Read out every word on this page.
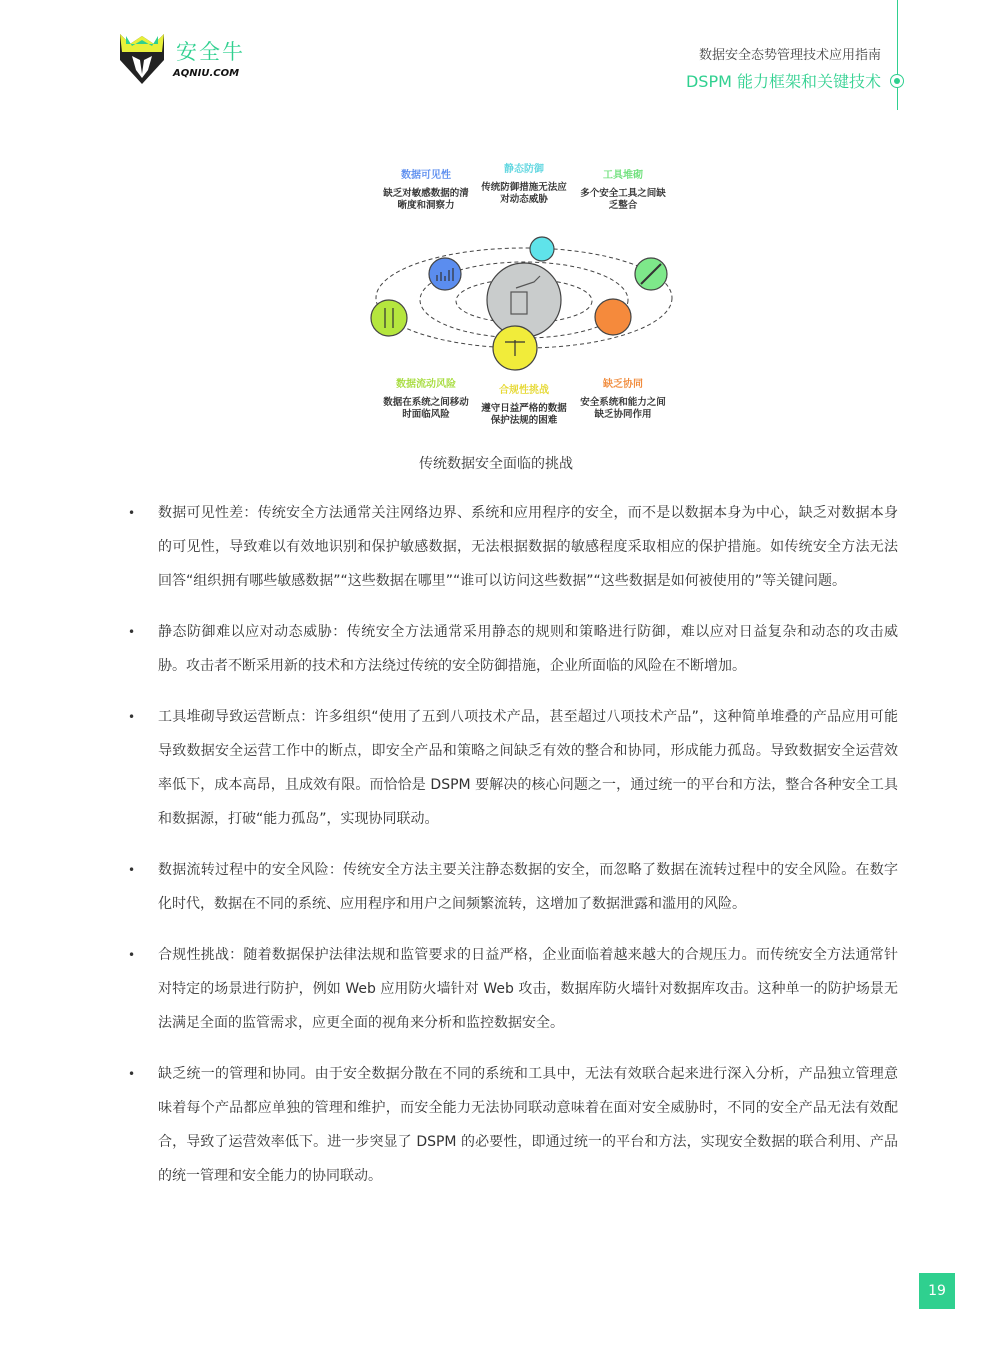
安全牛
AQNIU.COM
数据安全态势管理技术应用指南
DSPM 能力框架和关键技术
数据可见性
缺乏对敏感数据的清晰度和洞察力
静态防御
传统防御措施无法应对动态威胁
工具堆砌
多个安全工具之间缺乏整合
数据流动风险
数据在系统之间移动时面临风险
合规性挑战
遵守日益严格的数据保护法规的困难
缺乏协同
安全系统和能力之间缺乏协同作用
传统数据安全面临的挑战
• 数据可见性差：传统安全方法通常关注网络边界、系统和应用程序的安全，而不是以数据本身为中心，缺乏对数据本身的可见性，导致难以有效地识别和保护敏感数据，无法根据数据的敏感程度采取相应的保护措施。如传统安全方法无法回答“组织拥有哪些敏感数据”“这些数据在哪里”“谁可以访问这些数据”“这些数据是如何被使用的”等关键问题。
• 静态防御难以应对动态威胁：传统安全方法通常采用静态的规则和策略进行防御，难以应对日益复杂和动态的攻击威胁。攻击者不断采用新的技术和方法绕过传统的安全防御措施，企业所面临的风险在不断增加。
• 工具堆砌导致运营断点：许多组织“使用了五到八项技术产品，甚至超过八项技术产品”，这种简单堆叠的产品应用可能导致数据安全运营工作中的断点，即安全产品和策略之间缺乏有效的整合和协同，形成能力孤岛。导致数据安全运营效率低下，成本高昂，且成效有限。而恰恰是 DSPM 要解决的核心问题之一，通过统一的平台和方法，整合各种安全工具和数据源，打破“能力孤岛”，实现协同联动。
• 数据流转过程中的安全风险：传统安全方法主要关注静态数据的安全，而忽略了数据在流转过程中的安全风险。在数字化时代，数据在不同的系统、应用程序和用户之间频繁流转，这增加了数据泄露和滥用的风险。
• 合规性挑战：随着数据保护法律法规和监管要求的日益严格，企业面临着越来越大的合规压力。而传统安全方法通常针对特定的场景进行防护，例如 Web 应用防火墙针对 Web 攻击，数据库防火墙针对数据库攻击。这种单一的防护场景无法满足全面的监管需求，应更全面的视角来分析和监控数据安全。
• 缺乏统一的管理和协同。由于安全数据分散在不同的系统和工具中，无法有效联合起来进行深入分析，产品独立管理意味着每个产品都应单独的管理和维护，而安全能力无法协同联动意味着在面对安全威胁时，不同的安全产品无法有效配合，导致了运营效率低下。进一步突显了 DSPM 的必要性，即通过统一的平台和方法，实现安全数据的联合利用、产品的统一管理和安全能力的协同联动。
19
